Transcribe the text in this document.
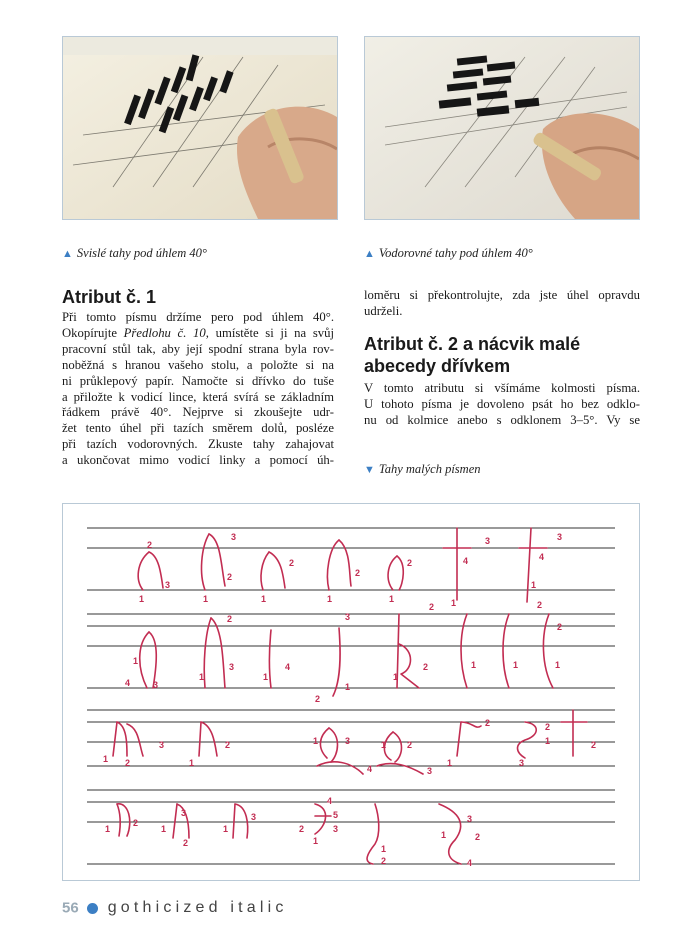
▲ Svislé tahy pod úhlem 40°	▲ Vodorovné tahy pod úhlem 40°
Atribut č. 1
Při tomto písmu držíme pero pod úhlem 40°.
Okopírujte Předlohu č. 10, umístěte si ji na svůj
pracovní stůl tak, aby její spodní strana byla rov-
noběžná s hranou vašeho stolu, a položte si na
ni průklepový papír. Namočte si dřívko do tuše
a přiložte k vodicí lince, která svírá se základním
řádkem právě 40°. Nejprve si zkoušejte udr-
žet tento úhel při tazích směrem dolů, posléze
při tazích vodorovných. Zkuste tahy zahajovat
a ukončovat mimo vodicí linky a pomocí úh-
loměru si překontrolujte, zda jste úhel opravdu
udrželi.
Atribut č. 2 a nácvik malé abecedy dřívkem
V tomto atributu si všímáme kolmosti písma.
U tohoto písma je dovoleno psát ho bez odklo-
nu od kolmice anebo s odklonem 3–5°. Vy se
▼ Tahy malých písmen
2
3
1
3
2
1
2
1
2
1
2
1
3
4
2 1
3
4
1
2
1
4	3
2
3
1
4
1
3
1
2
2
1
1	1
2
1
1 2
3
1
2	1	3
4
1 2
3
1
2	2
1
3
2
1
2
1
3
2
3
1
4
5
3
2
1
1
2
3
2
1
4
56 gothicized italic
